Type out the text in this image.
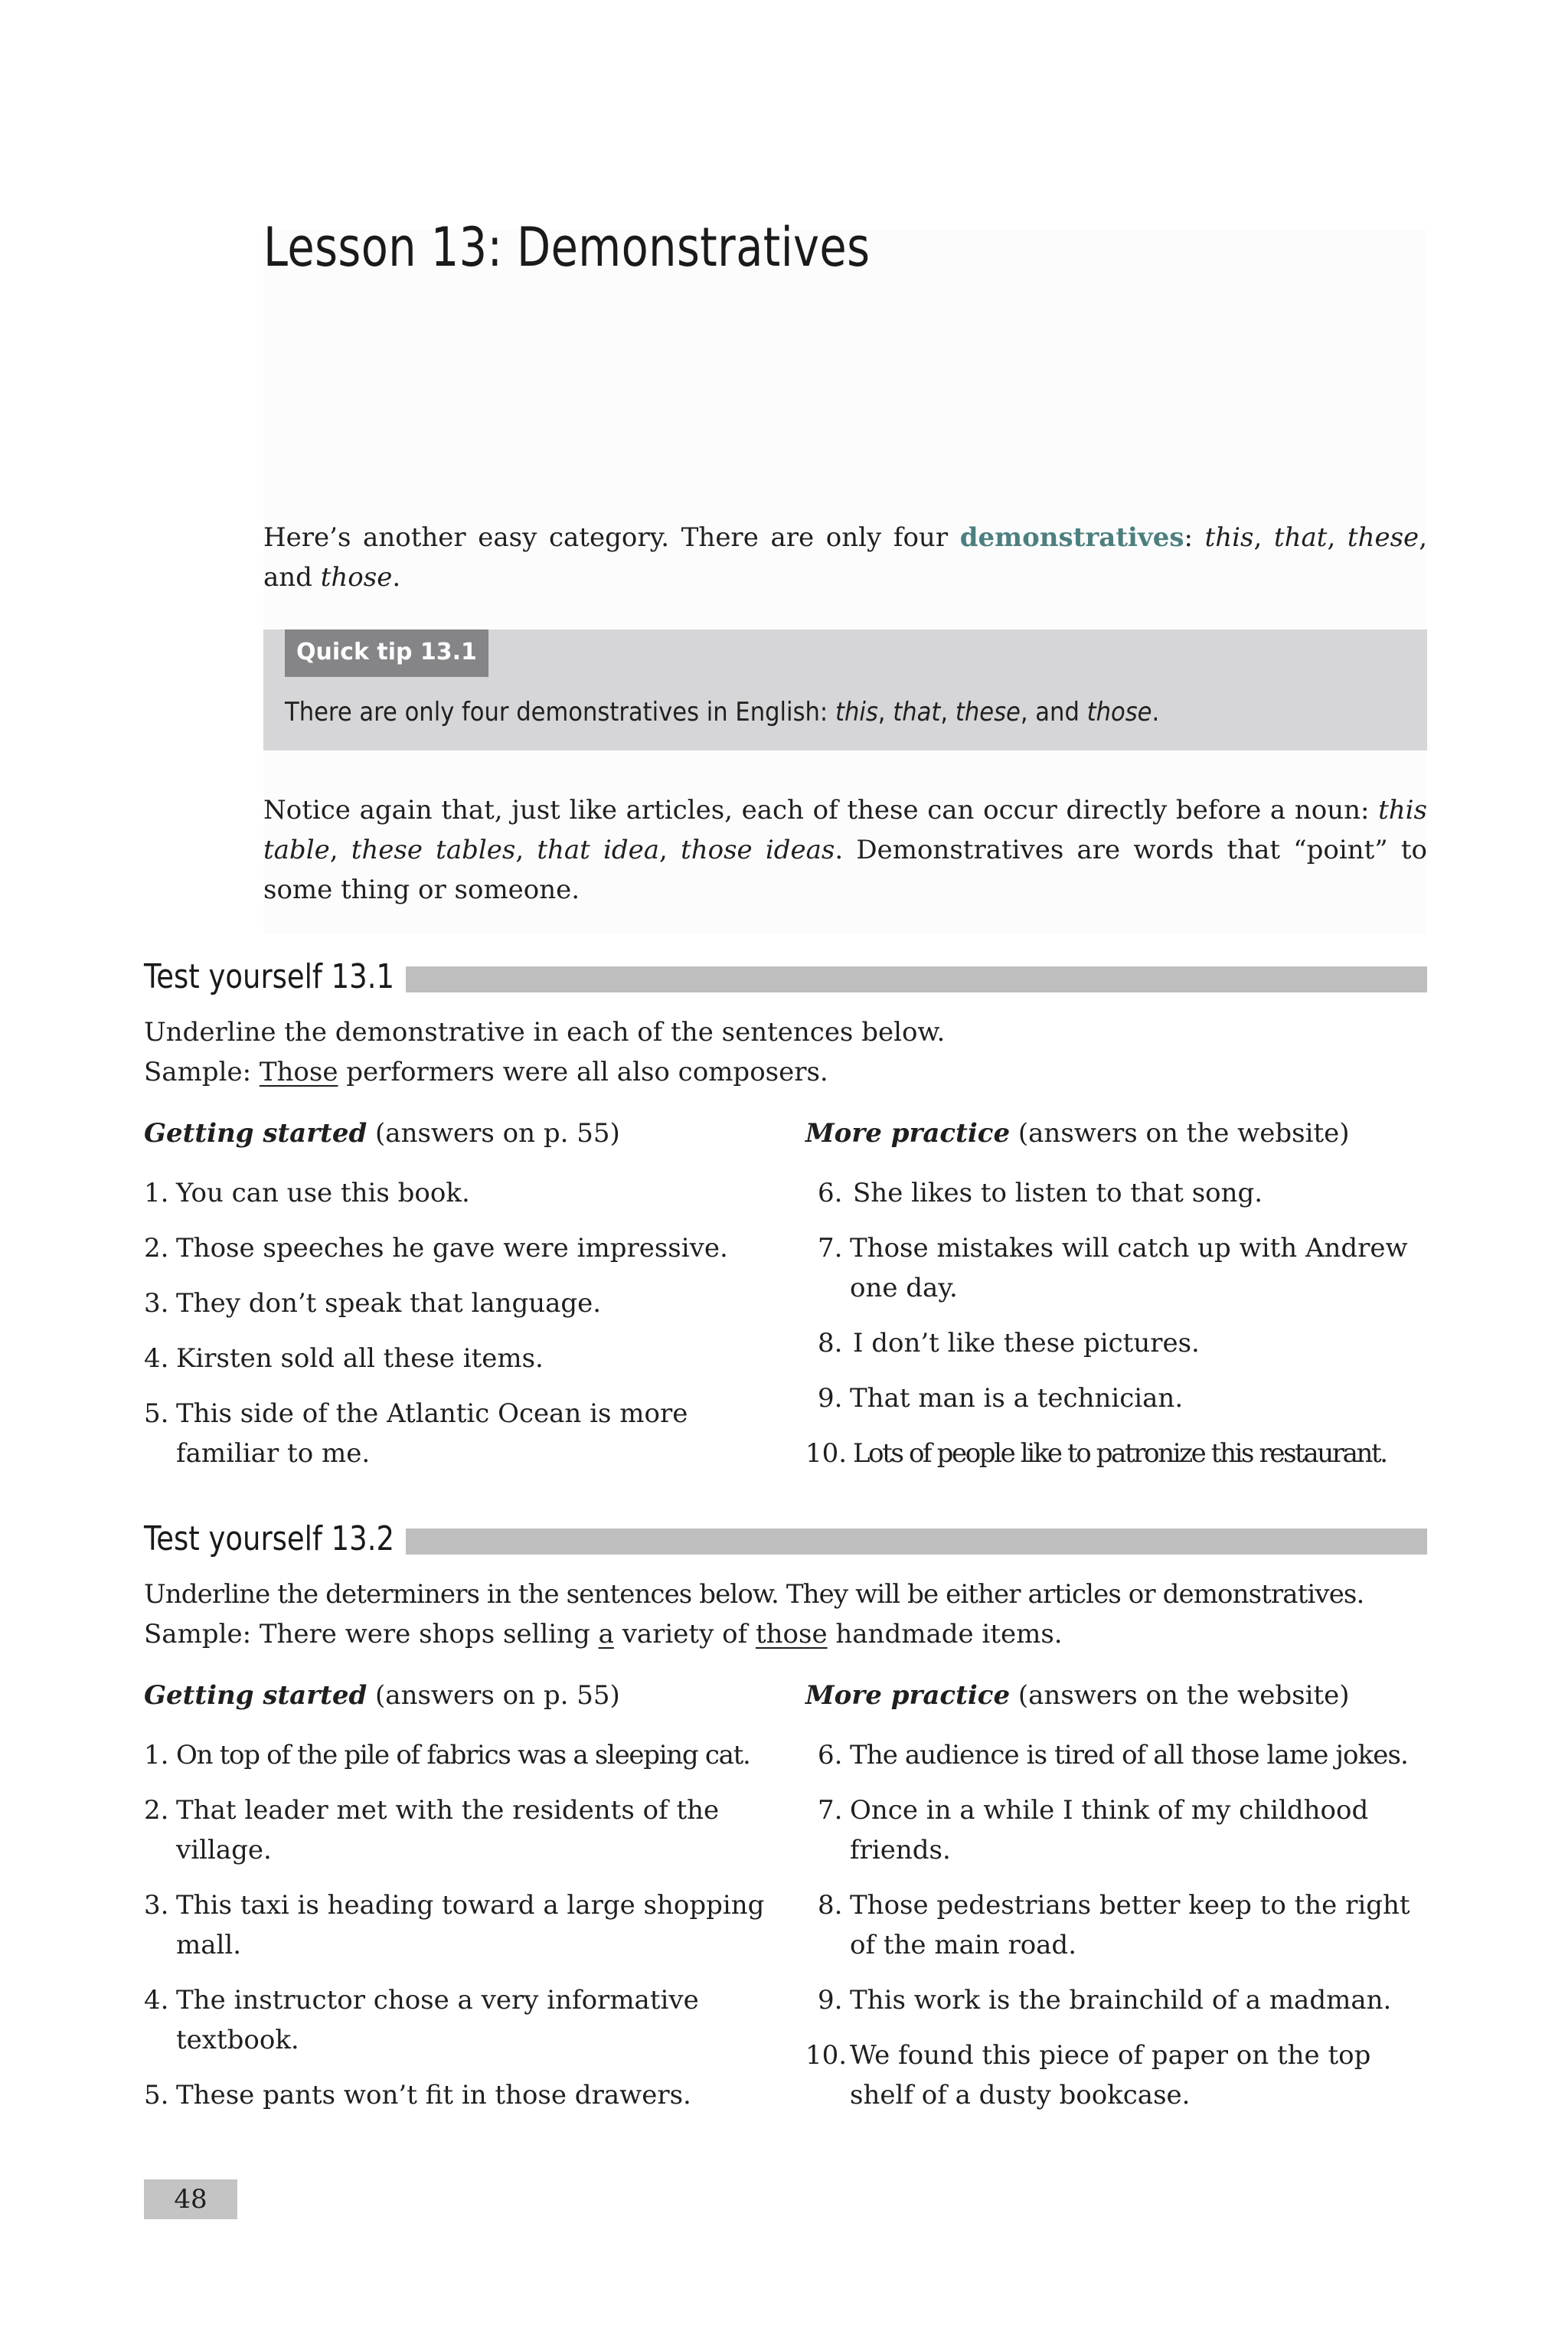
Lesson 13: Demonstratives
Here’s another easy category. There are only four demonstratives: this, that, these, and those.
Quick tip 13.1
There are only four demonstratives in English: this, that, these, and those.
Notice again that, just like articles, each of these can occur directly before a noun: this table, these tables, that idea, those ideas. Demonstratives are words that “point” to some thing or someone.
Test yourself 13.1
Underline the demonstrative in each of the sentences below.
Sample: Those performers were all also composers.
Getting started (answers on p. 55)	More practice (answers on the website)
1. You can use this book.
2. Those speeches he gave were impressive.
3. They don’t speak that language.
4. Kirsten sold all these items.
5. This side of the Atlantic Ocean is more familiar to me.
6. She likes to listen to that song.
7. Those mistakes will catch up with Andrew one day.
8. I don’t like these pictures.
9. That man is a technician.
10. Lots of people like to patronize this restaurant.
Test yourself 13.2
Underline the determiners in the sentences below. They will be either articles or demonstratives.
Sample: There were shops selling a variety of those handmade items.
Getting started (answers on p. 55)	More practice (answers on the website)
1. On top of the pile of fabrics was a sleeping cat.
2. That leader met with the residents of the village.
3. This taxi is heading toward a large shopping mall.
4. The instructor chose a very informative textbook.
5. These pants won’t fit in those drawers.
6. The audience is tired of all those lame jokes.
7. Once in a while I think of my childhood friends.
8. Those pedestrians better keep to the right of the main road.
9. This work is the brainchild of a madman.
10. We found this piece of paper on the top shelf of a dusty bookcase.
48
